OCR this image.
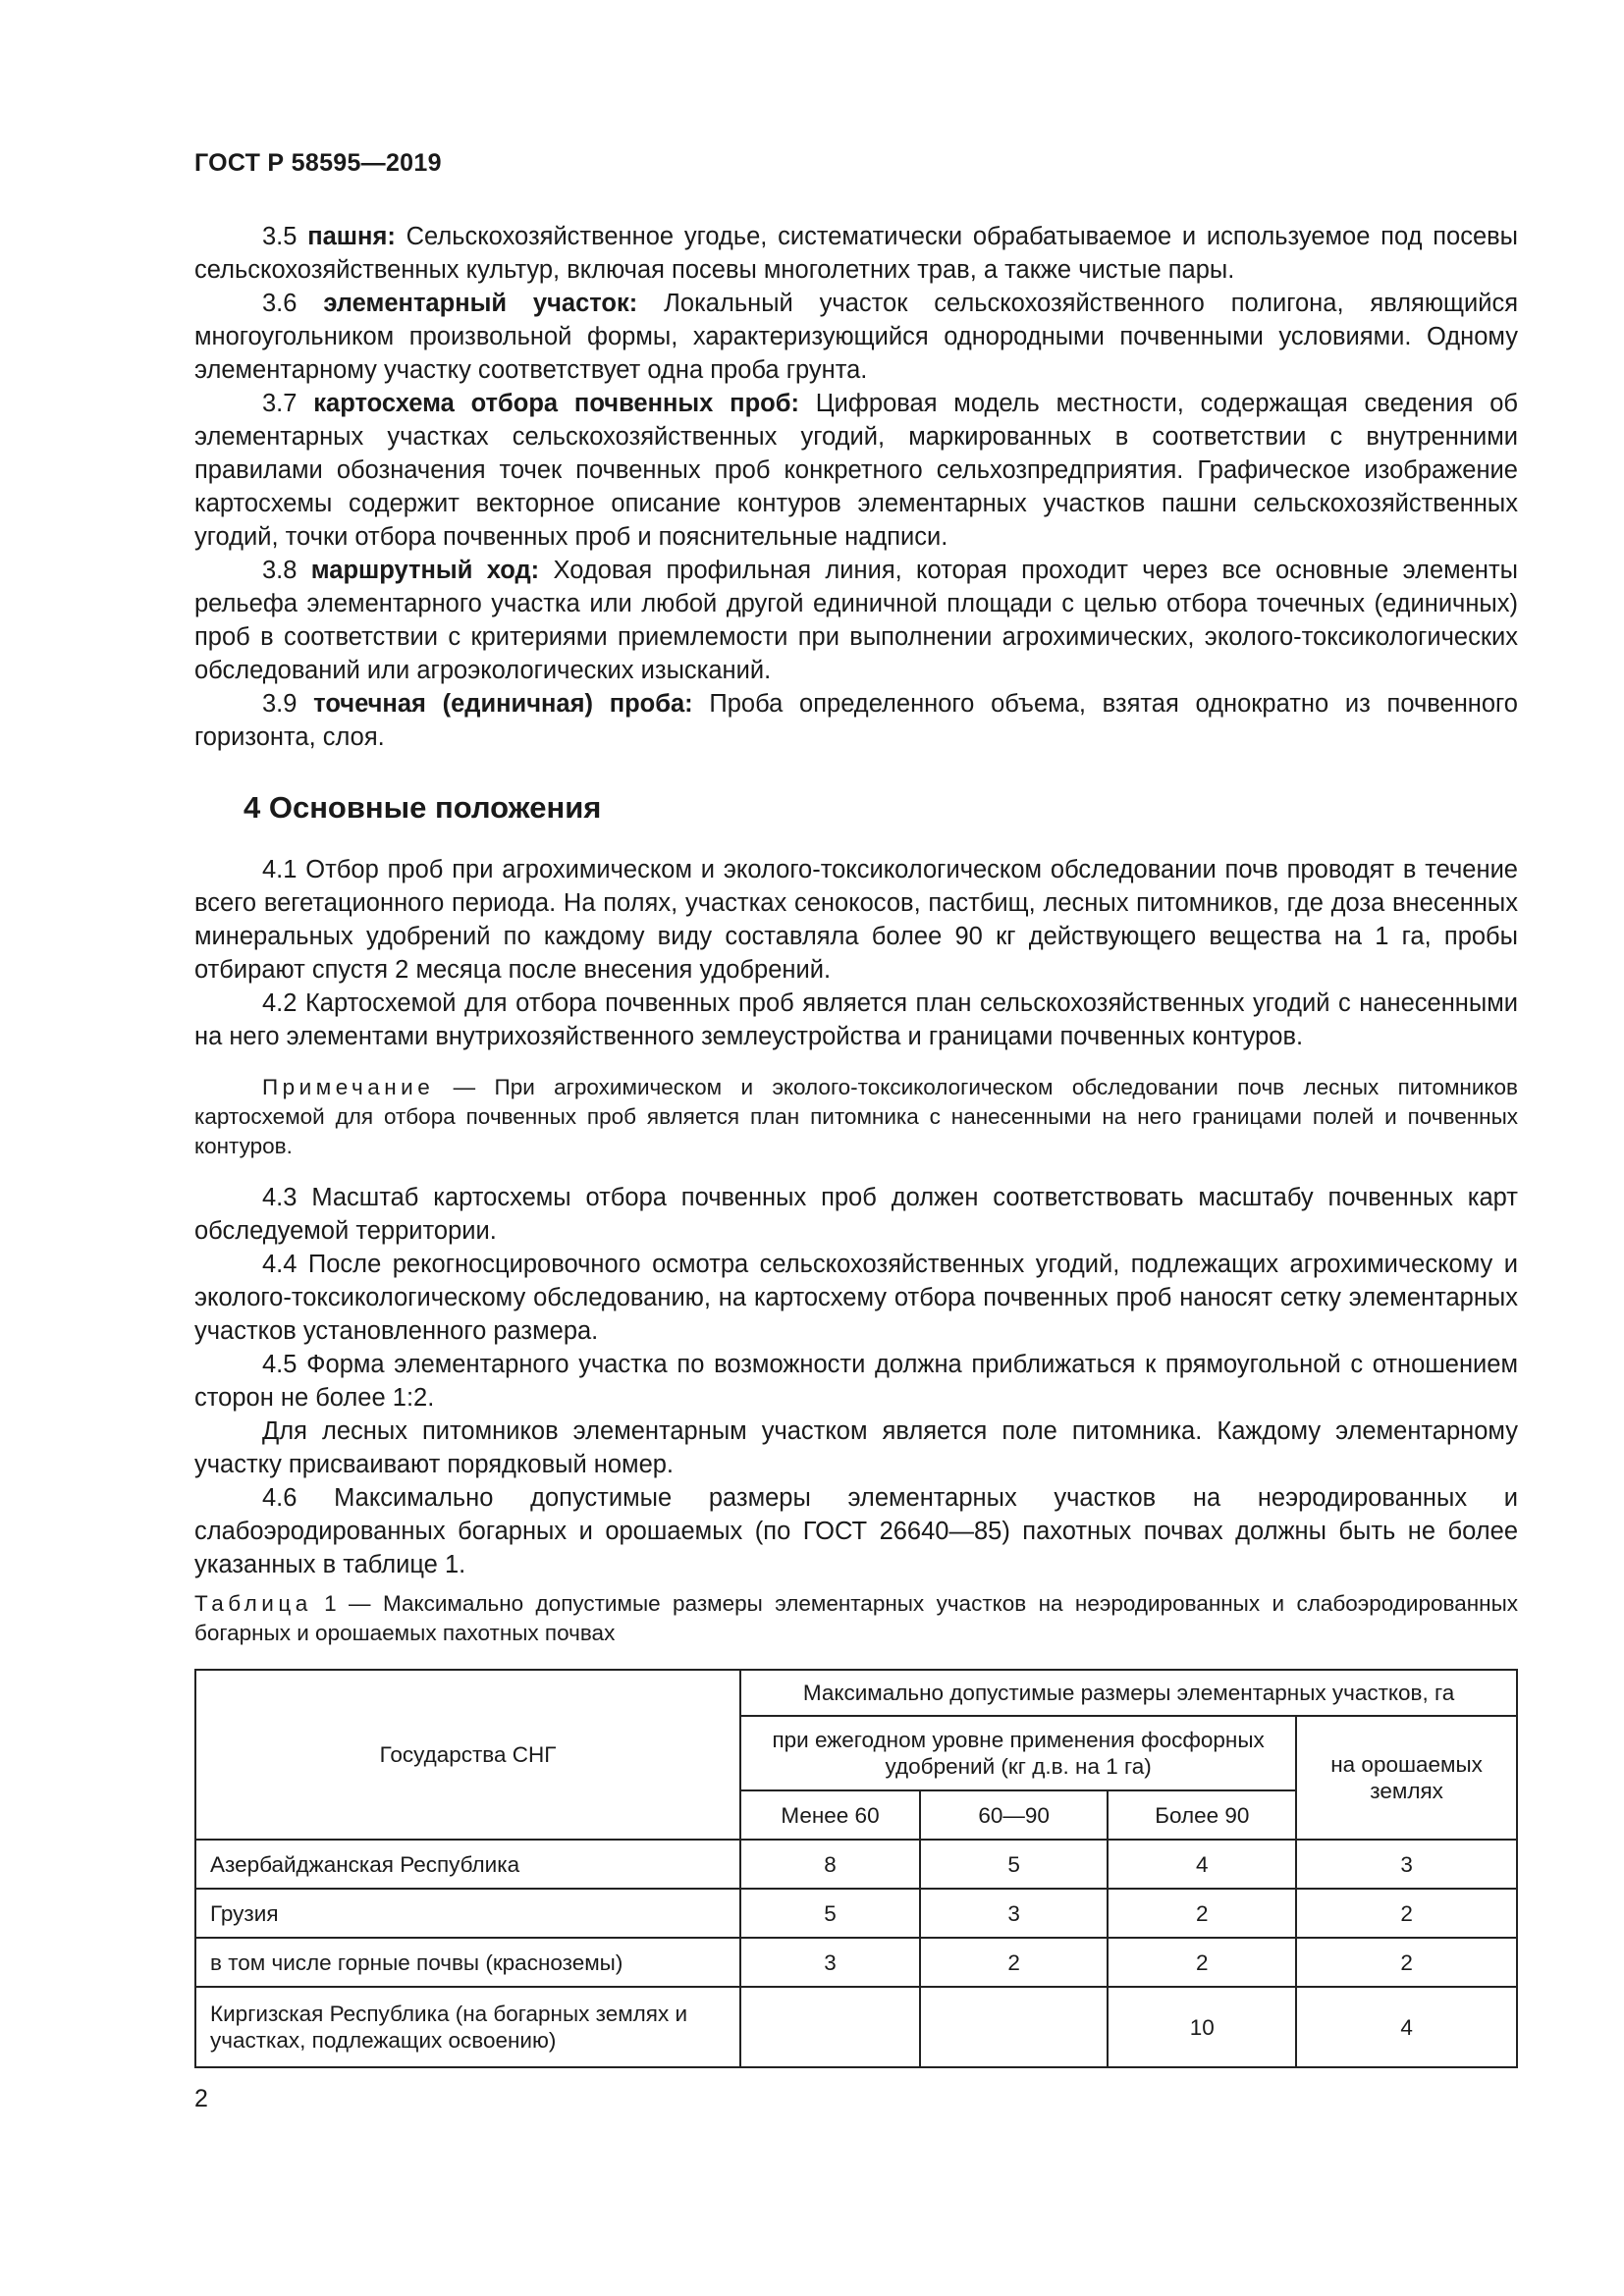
ГОСТ Р 58595—2019

3.5 пашня: Сельскохозяйственное угодье, систематически обрабатываемое и используемое под посевы сельскохозяйственных культур, включая посевы многолетних трав, а также чистые пары.

3.6 элементарный участок: Локальный участок сельскохозяйственного полигона, являющийся многоугольником произвольной формы, характеризующийся однородными почвенными условиями. Одному элементарному участку соответствует одна проба грунта.

3.7 картосхема отбора почвенных проб: Цифровая модель местности, содержащая сведения об элементарных участках сельскохозяйственных угодий, маркированных в соответствии с внутренними правилами обозначения точек почвенных проб конкретного сельхозпредприятия. Графическое изображение картосхемы содержит векторное описание контуров элементарных участков пашни сельскохозяйственных угодий, точки отбора почвенных проб и пояснительные надписи.

3.8 маршрутный ход: Ходовая профильная линия, которая проходит через все основные элементы рельефа элементарного участка или любой другой единичной площади с целью отбора точечных (единичных) проб в соответствии с критериями приемлемости при выполнении агрохимических, эколого-токсикологических обследований или агроэкологических изысканий.

3.9 точечная (единичная) проба: Проба определенного объема, взятая однократно из почвенного горизонта, слоя.

4 Основные положения

4.1 Отбор проб при агрохимическом и эколого-токсикологическом обследовании почв проводят в течение всего вегетационного периода. На полях, участках сенокосов, пастбищ, лесных питомников, где доза внесенных минеральных удобрений по каждому виду составляла более 90 кг действующего вещества на 1 га, пробы отбирают спустя 2 месяца после внесения удобрений.

4.2 Картосхемой для отбора почвенных проб является план сельскохозяйственных угодий с нанесенными на него элементами внутрихозяйственного землеустройства и границами почвенных контуров.

Примечание — При агрохимическом и эколого-токсикологическом обследовании почв лесных питомников картосхемой для отбора почвенных проб является план питомника с нанесенными на него границами полей и почвенных контуров.

4.3 Масштаб картосхемы отбора почвенных проб должен соответствовать масштабу почвенных карт обследуемой территории.

4.4 После рекогносцировочного осмотра сельскохозяйственных угодий, подлежащих агрохимическому и эколого-токсикологическому обследованию, на картосхему отбора почвенных проб наносят сетку элементарных участков установленного размера.

4.5 Форма элементарного участка по возможности должна приближаться к прямоугольной с отношением сторон не более 1:2.

Для лесных питомников элементарным участком является поле питомника. Каждому элементарному участку присваивают порядковый номер.

4.6 Максимально допустимые размеры элементарных участков на неэродированных и слабоэродированных богарных и орошаемых (по ГОСТ 26640—85) пахотных почвах должны быть не более указанных в таблице 1.

Таблица 1 — Максимально допустимые размеры элементарных участков на неэродированных и слабоэродированных богарных и орошаемых пахотных почвах

Государства СНГ	Максимально допустимые размеры элементарных участков, га			
	при ежегодном уровне применения фосфорных удобрений (кг д.в. на 1 га)			на орошаемых землях
	Менее 60	60—90	Более 90	
Азербайджанская Республика	8	5	4	3
Грузия	5	3	2	2
в том числе горные почвы (красноземы)	3	2	2	2
Киргизская Республика (на богарных землях и участках, подлежащих освоению)			10	4
2
